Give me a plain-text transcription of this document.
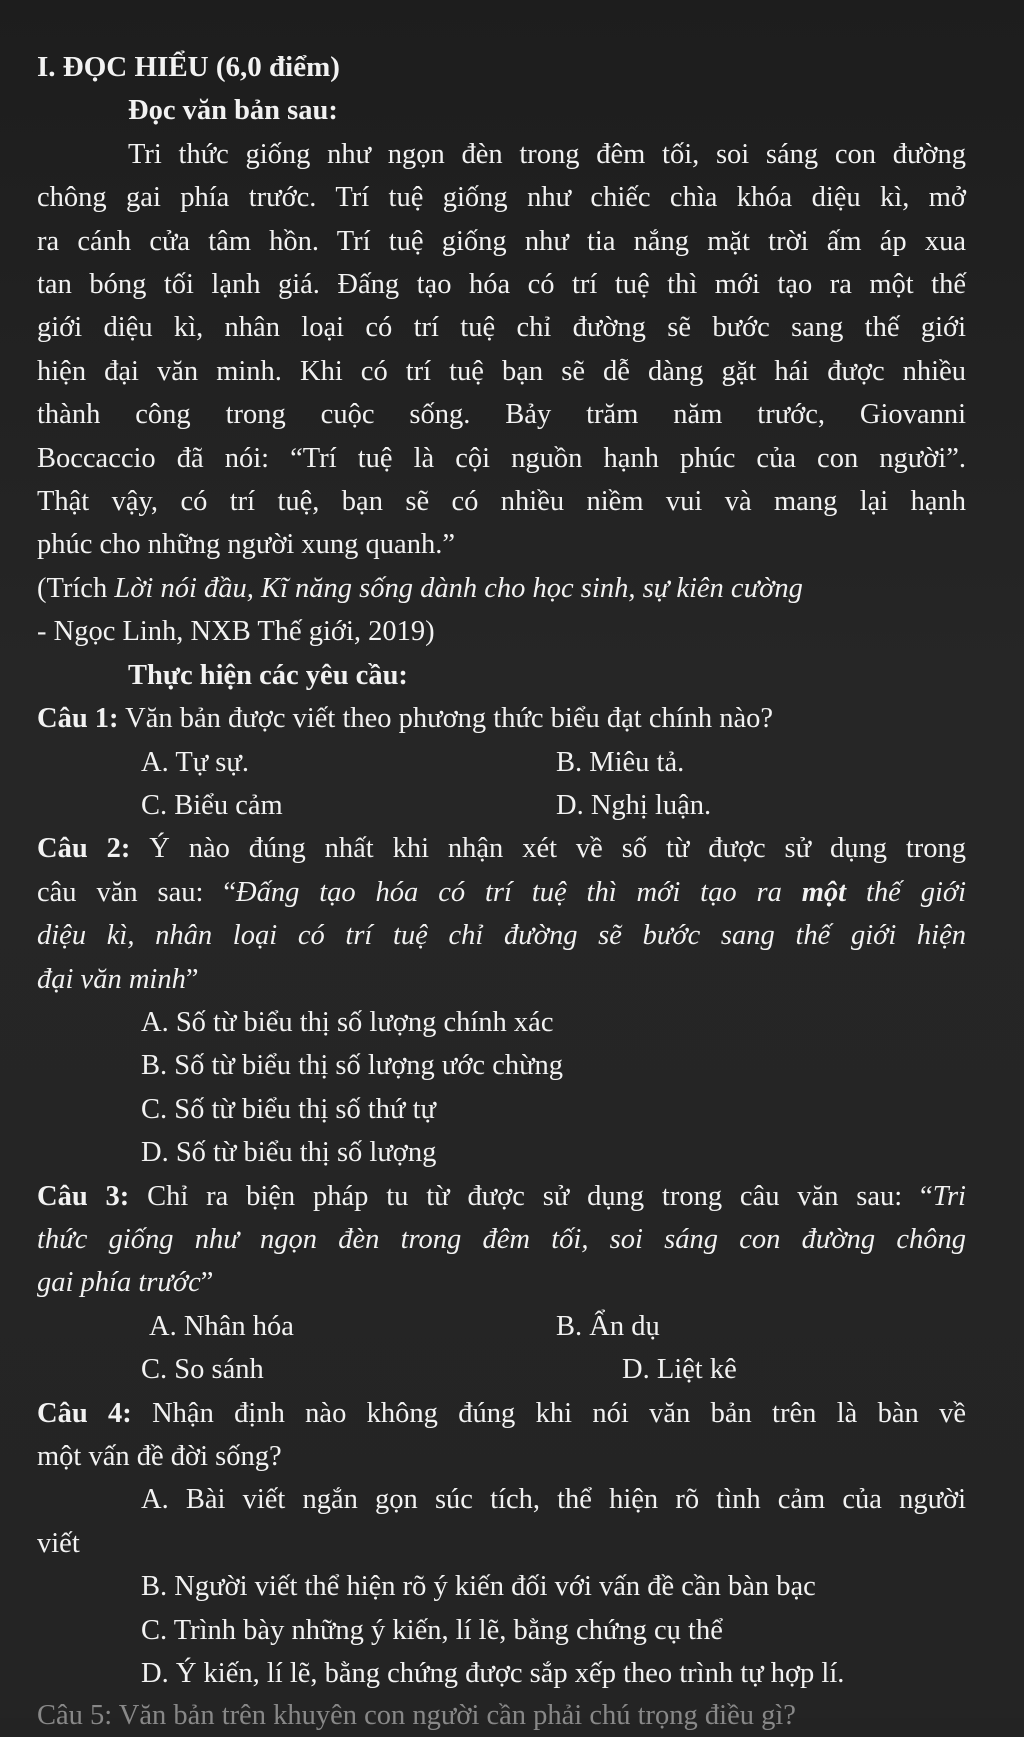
I. ĐỌC HIỂU (6,0 điểm)
Đọc văn bản sau:
Tri thức giống như ngọn đèn trong đêm tối, soi sáng con đường
chông gai phía trước. Trí tuệ giống như chiếc chìa khóa diệu kì, mở
ra cánh cửa tâm hồn. Trí tuệ giống như tia nắng mặt trời ấm áp xua
tan bóng tối lạnh giá. Đấng tạo hóa có trí tuệ thì mới tạo ra một thế
giới diệu kì, nhân loại có trí tuệ chỉ đường sẽ bước sang thế giới
hiện đại văn minh. Khi có trí tuệ bạn sẽ dễ dàng gặt hái được nhiều
thành công trong cuộc sống. Bảy trăm năm trước, Giovanni
Boccaccio đã nói: “Trí tuệ là cội nguồn hạnh phúc của con người”.
Thật vậy, có trí tuệ, bạn sẽ có nhiều niềm vui và mang lại hạnh
phúc cho những người xung quanh.”
(Trích Lời nói đầu, Kĩ năng sống dành cho học sinh, sự kiên cường
- Ngọc Linh, NXB Thế giới, 2019)
Thực hiện các yêu cầu:
Câu 1: Văn bản được viết theo phương thức biểu đạt chính nào?
A. Tự sự.	B. Miêu tả.
C. Biểu cảm	D. Nghị luận.
Câu 2: Ý nào đúng nhất khi nhận xét về số từ được sử dụng trong
câu văn sau: “Đấng tạo hóa có trí tuệ thì mới tạo ra một thế giới
diệu kì, nhân loại có trí tuệ chỉ đường sẽ bước sang thế giới hiện
đại văn minh”
A. Số từ biểu thị số lượng chính xác
B. Số từ biểu thị số lượng ước chừng
C. Số từ biểu thị số thứ tự
D. Số từ biểu thị số lượng
Câu 3: Chỉ ra biện pháp tu từ được sử dụng trong câu văn sau: “Tri
thức giống như ngọn đèn trong đêm tối, soi sáng con đường chông
gai phía trước”
A. Nhân hóa	B. Ẩn dụ
C. So sánh	D. Liệt kê
Câu 4: Nhận định nào không đúng khi nói văn bản trên là bàn về
một vấn đề đời sống?
A. Bài viết ngắn gọn súc tích, thể hiện rõ tình cảm của người
viết
B. Người viết thể hiện rõ ý kiến đối với vấn đề cần bàn bạc
C. Trình bày những ý kiến, lí lẽ, bằng chứng cụ thể
D. Ý kiến, lí lẽ, bằng chứng được sắp xếp theo trình tự hợp lí.
Câu 5: Văn bản trên khuyên con người cần phải chú trọng điều gì?
